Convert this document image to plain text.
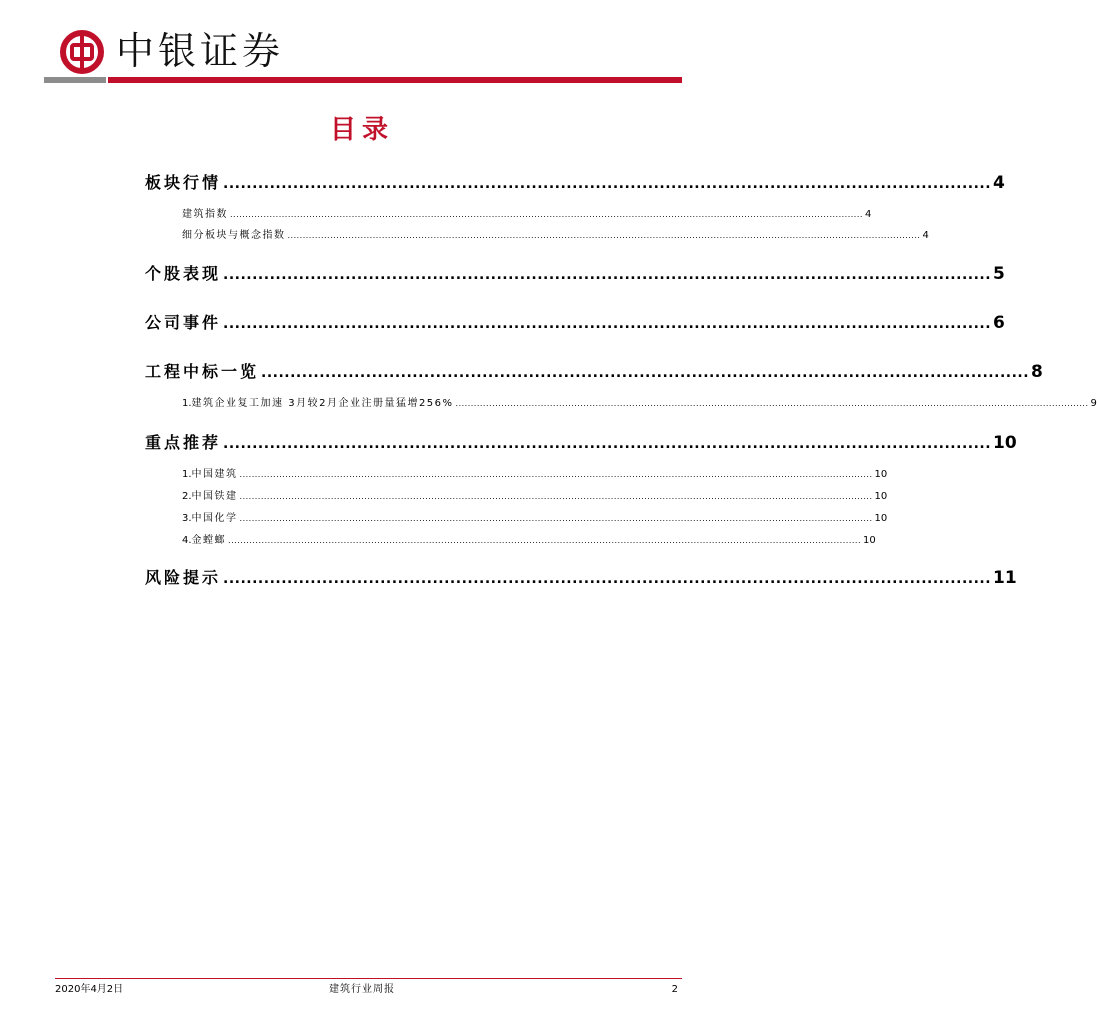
中银证券
目录
板块行情 .................................................................................................................................... 4
建筑指数 ................................................................................................................................................................................................................ 4
细分板块与概念指数 ................................................................................................................................................................................................................ 4
个股表现 .................................................................................................................................... 5
公司事件 .................................................................................................................................... 6
工程中标一览 .................................................................................................................................... 8
1. 建筑企业复工加速 3月较2月企业注册量猛增256% ................................................................................................................................................................................................................ 9
重点推荐 .................................................................................................................................... 10
1. 中国建筑 ................................................................................................................................................................................................................ 10
2. 中国铁建 ................................................................................................................................................................................................................ 10
3. 中国化学 ................................................................................................................................................................................................................ 10
4. 金螳螂 ................................................................................................................................................................................................................ 10
风险提示 .................................................................................................................................... 11
2020年4月2日	建筑行业周报	2
